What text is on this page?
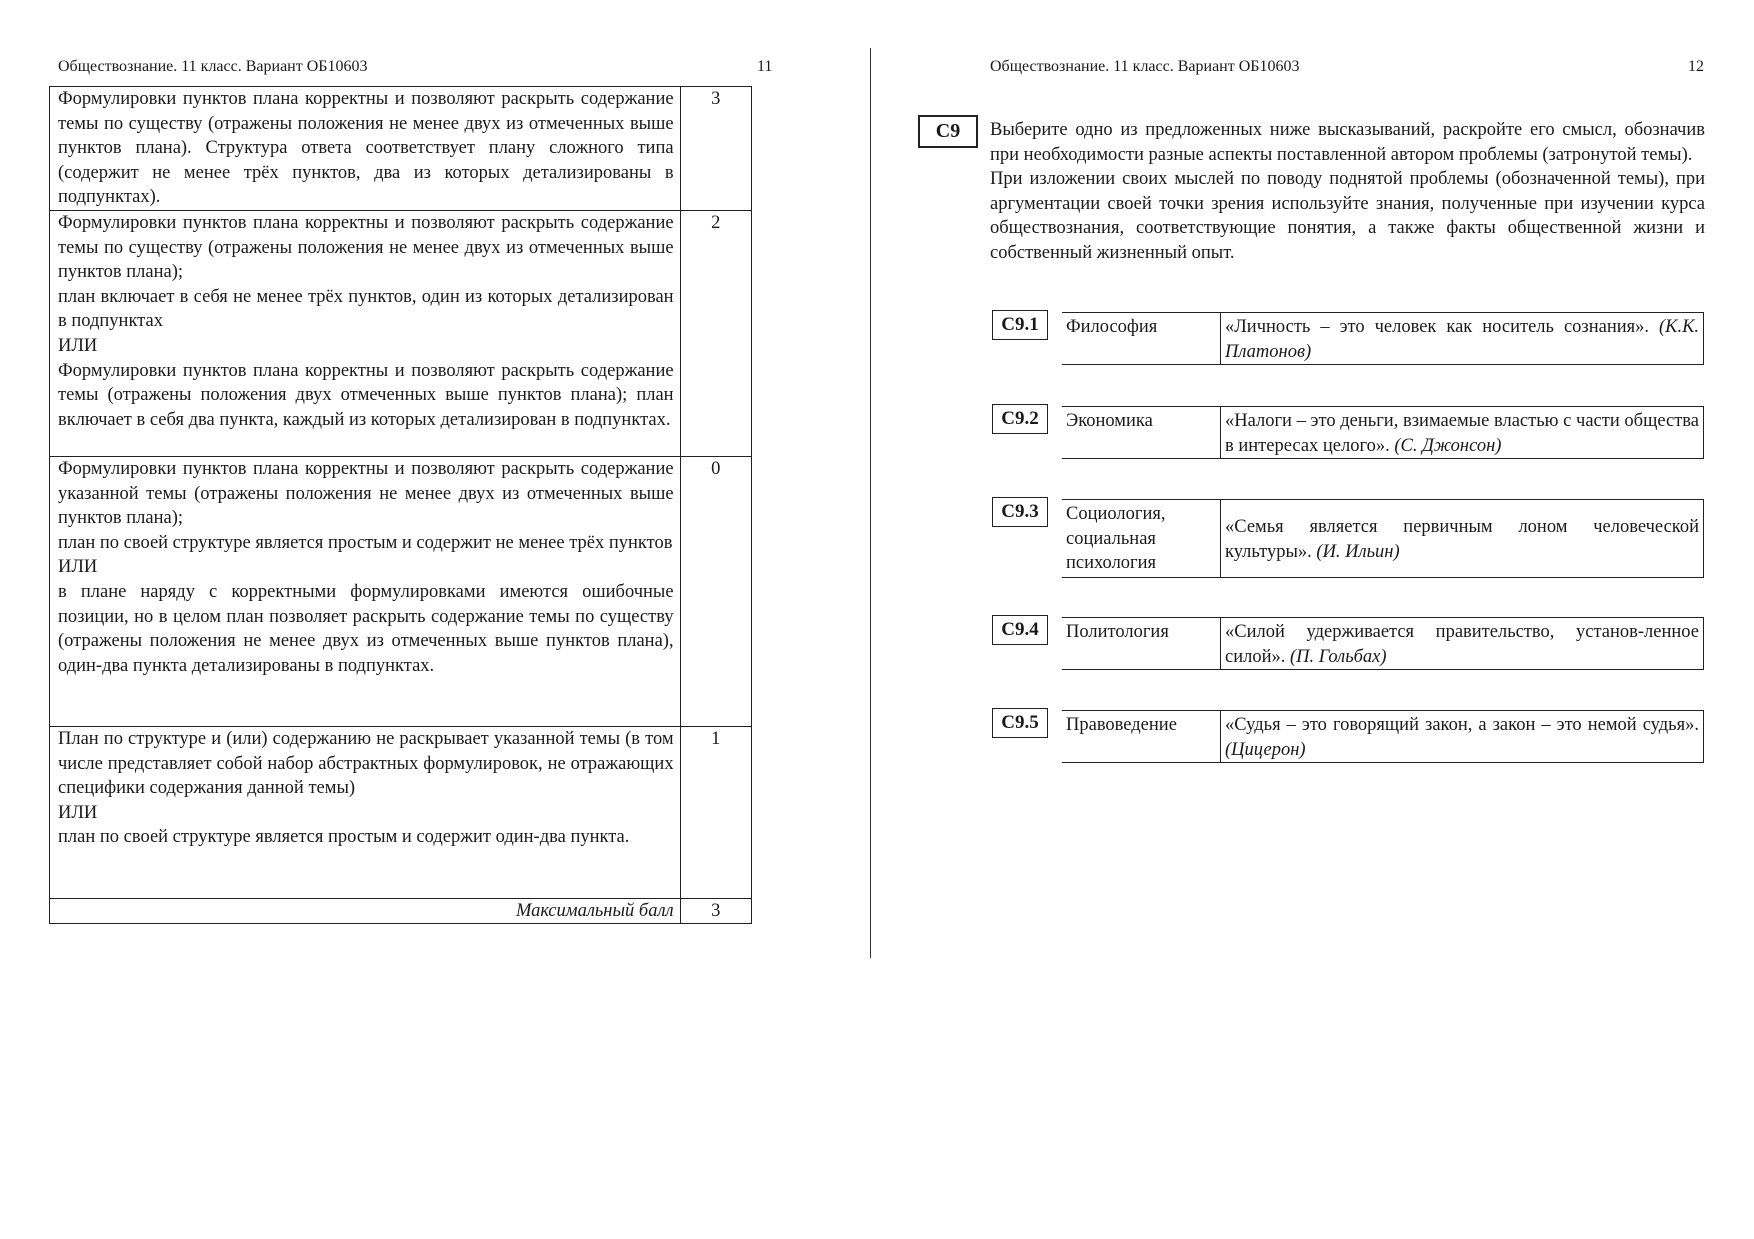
Обществознание. 11 класс. Вариант ОБ10603	11

Формулировки пунктов плана корректны и позволяют раскрыть содержание темы по существу (отражены положения не менее двух из отмеченных выше пунктов плана). Структура ответа соответствует плану сложного типа (содержит не менее трёх пунктов, два из которых детализированы в подпунктах).	3

Формулировки пунктов плана корректны и позволяют раскрыть содержание темы по существу (отражены положения не менее двух из отмеченных выше пунктов плана);

план включает в себя не менее трёх пунктов, один из которых детализирован в подпунктах

ИЛИ

Формулировки пунктов плана корректны и позволяют раскрыть содержание темы (отражены положения двух отмеченных выше пунктов плана); план включает в себя два пункта, каждый из которых детализирован в подпунктах.	2

Формулировки пунктов плана корректны и позволяют раскрыть содержание указанной темы (отражены положения не менее двух из отмеченных выше пунктов плана);

план по своей структуре является простым и содержит не менее трёх пунктов

ИЛИ

в плане наряду с корректными формулировками имеются ошибочные позиции, но в целом план позволяет раскрыть содержание темы по существу (отражены положения не менее двух из отмеченных выше пунктов плана), один-два пункта детализированы в подпунктах.	0

План по структуре и (или) содержанию не раскрывает указанной темы (в том числе представляет собой набор абстрактных формулировок, не отражающих специфики содержания данной темы)

ИЛИ

план по своей структуре является простым и содержит один-два пункта.	1
Максимальный балл	3
Обществознание. 11 класс. Вариант ОБ10603	12
C9	Выберите одно из предложенных ниже высказываний, раскройте его смысл, обозначив при необходимости разные аспекты поставленной автором проблемы (затронутой темы).

При изложении своих мыслей по поводу поднятой проблемы (обозначенной темы), при аргументации своей точки зрения используйте знания, полученные при изучении курса обществознания, соответствующие понятия, а также факты общественной жизни и собственный жизненный опыт.

C9.1	Философия	«Личность – это человек как носитель сознания». (К.К. Платонов)
C9.2	Экономика	«Налоги – это деньги, взимаемые властью с части общества в интересах целого». (С. Джонсон)
C9.3	Социология, социальная психология	«Семья является первичным лоном человеческой культуры». (И. Ильин)
C9.4	Политология	«Силой удерживается правительство, установ-ленное силой». (П. Гольбах)
C9.5	Правоведение	«Судья – это говорящий закон, а закон – это немой судья». (Цицерон)
